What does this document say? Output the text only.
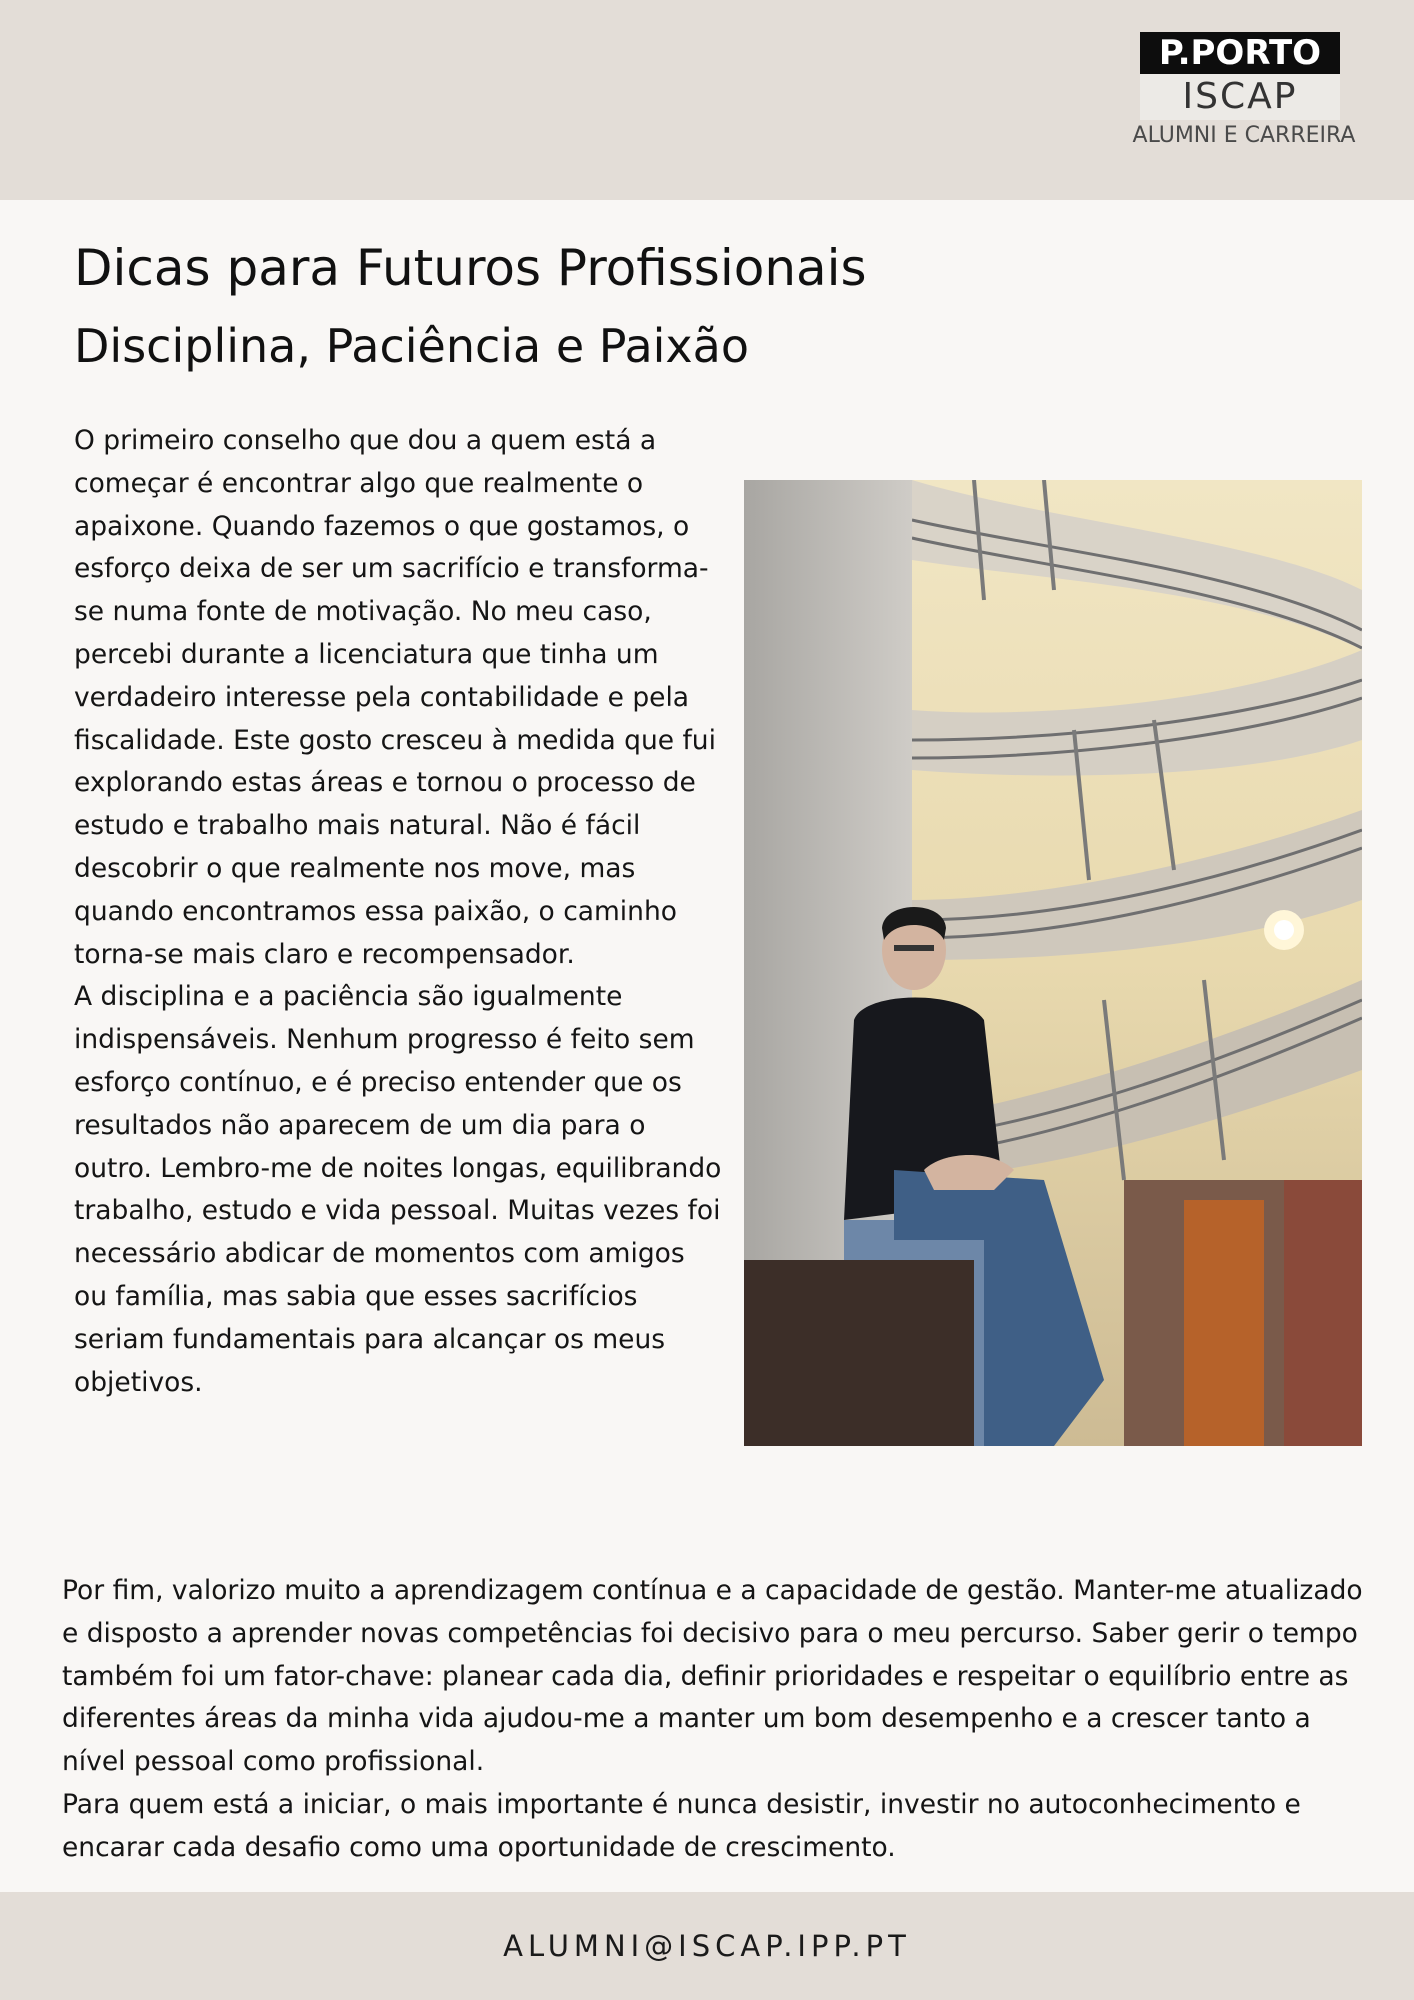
P.PORTO
ISCAP
ALUMNI E CARREIRA
Dicas para Futuros Profissionais
Disciplina, Paciência e Paixão

O primeiro conselho que dou a quem está a começar é encontrar algo que realmente o apaixone. Quando fazemos o que gostamos, o esforço deixa de ser um sacrifício e transforma-se numa fonte de motivação. No meu caso, percebi durante a licenciatura que tinha um verdadeiro interesse pela contabilidade e pela fiscalidade. Este gosto cresceu à medida que fui explorando estas áreas e tornou o processo de estudo e trabalho mais natural. Não é fácil descobrir o que realmente nos move, mas quando encontramos essa paixão, o caminho torna-se mais claro e recompensador.

A disciplina e a paciência são igualmente indispensáveis. Nenhum progresso é feito sem esforço contínuo, e é preciso entender que os resultados não aparecem de um dia para o outro. Lembro-me de noites longas, equilibrando trabalho, estudo e vida pessoal. Muitas vezes foi necessário abdicar de momentos com amigos ou família, mas sabia que esses sacrifícios seriam fundamentais para alcançar os meus objetivos.

Por fim, valorizo muito a aprendizagem contínua e a capacidade de gestão. Manter-me atualizado e disposto a aprender novas competências foi decisivo para o meu percurso. Saber gerir o tempo também foi um fator-chave: planear cada dia, definir prioridades e respeitar o equilíbrio entre as diferentes áreas da minha vida ajudou-me a manter um bom desempenho e a crescer tanto a nível pessoal como profissional.

Para quem está a iniciar, o mais importante é nunca desistir, investir no autoconhecimento e encarar cada desafio como uma oportunidade de crescimento.

ALUMNI@ISCAP.IPP.PT
